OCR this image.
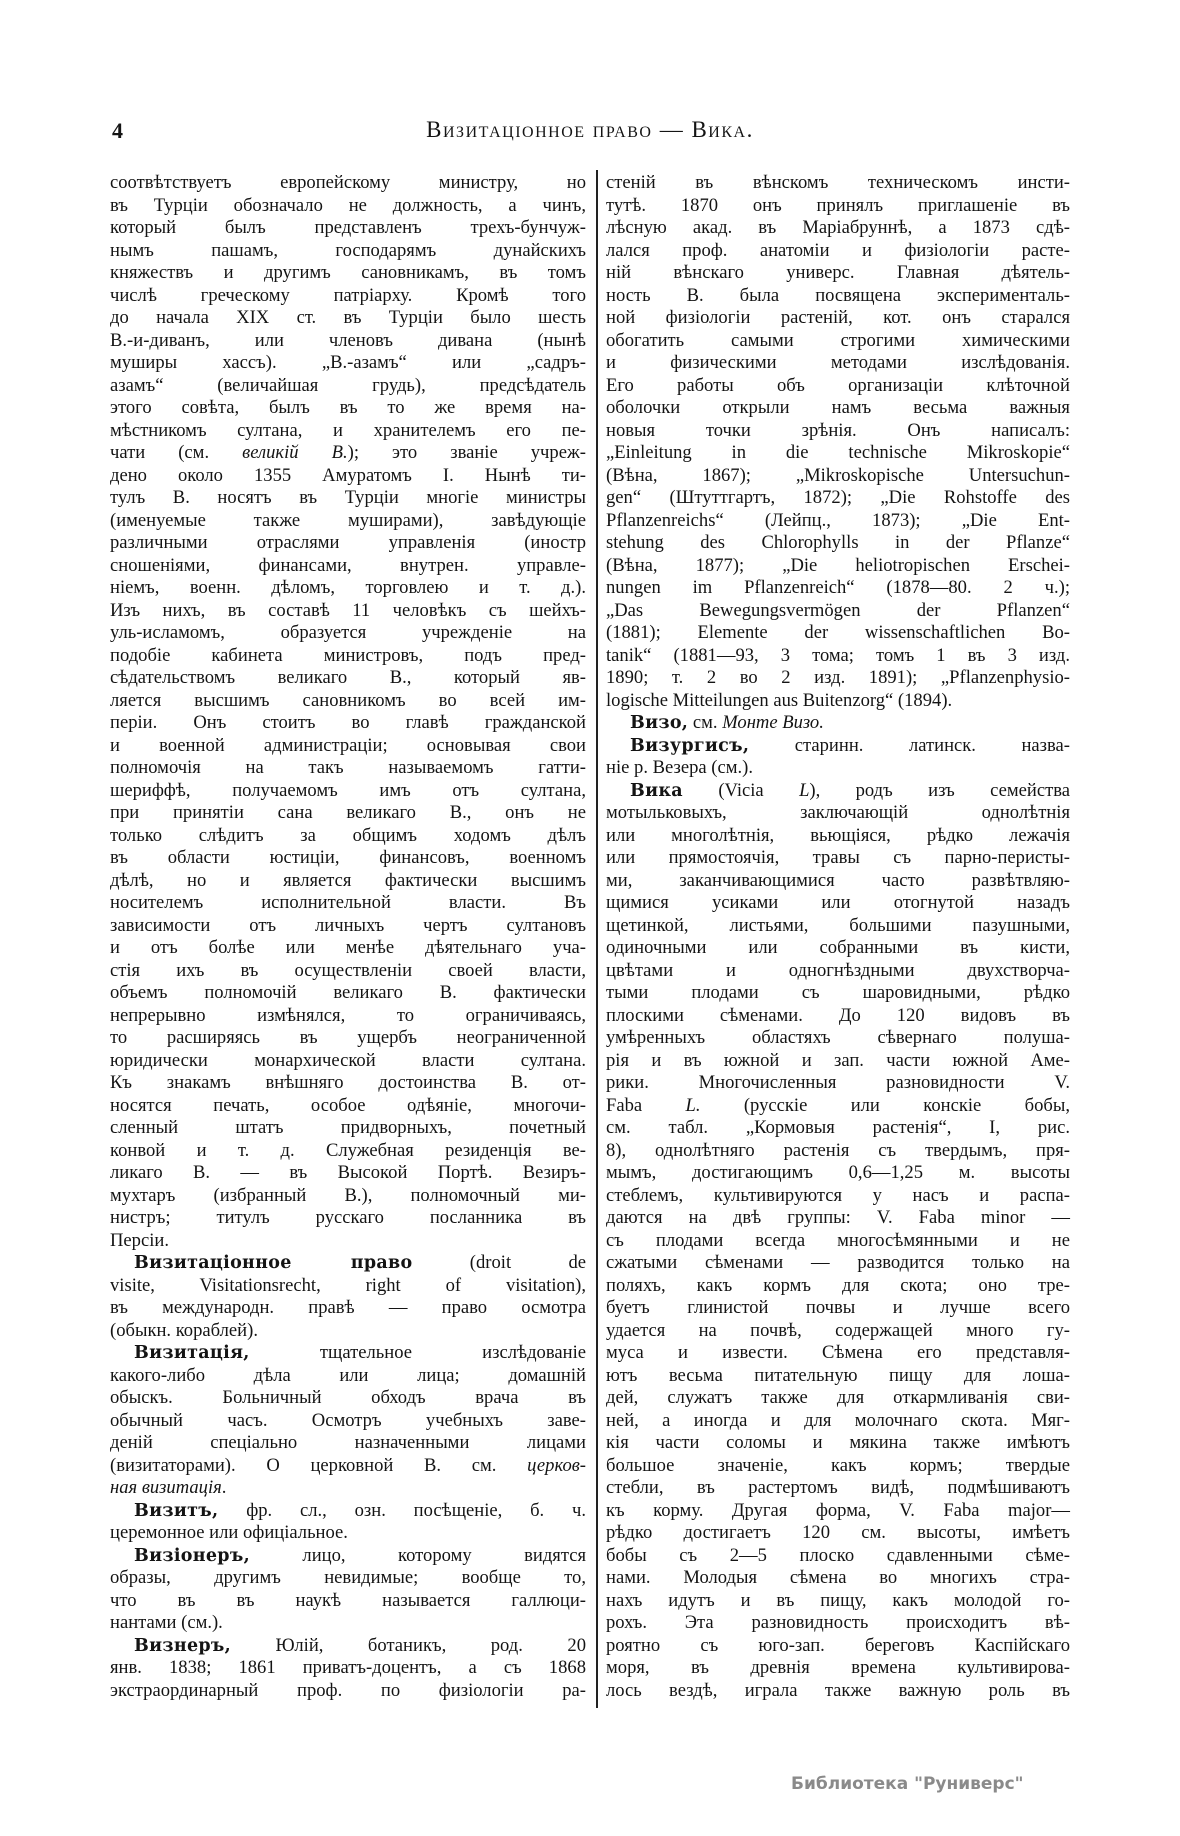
4	Визитаціонное право — Вика.
соотвѣтствуетъ европейскому министру, но
въ Турціи обозначало не должность, а чинъ,
который былъ представленъ трехъ-бунчуж-
нымъ пашамъ, господарямъ дунайскихъ
княжествъ и другимъ сановникамъ, въ томъ
числѣ греческому патріарху. Кромѣ того
до начала XIX ст. въ Турціи было шесть
В.-и-диванъ, или членовъ дивана (нынѣ
муширы хассъ). „В.-азамъ“ или „садръ-
азамъ“ (величайшая грудь), предсѣдатель
этого совѣта, былъ въ то же время на-
мѣстникомъ султана, и хранителемъ его пе-
чати (см. великій В.); это званіе учреж-
дено около 1355 Амуратомъ I. Нынѣ ти-
тулъ В. носятъ въ Турціи многіе министры
(именуемые также муширами), завѣдующіе
различными отраслями управленія (иностр
сношеніями, финансами, внутрен. управле-
ніемъ, военн. дѣломъ, торговлею и т. д.).
Изъ нихъ, въ составѣ 11 человѣкъ съ шейхъ-
уль-исламомъ, образуется учрежденіе на
подобіе кабинета министровъ, подъ пред-
сѣдательствомъ великаго В., который яв-
ляется высшимъ сановникомъ во всей им-
періи. Онъ стоитъ во главѣ гражданской
и военной администраціи; основывая свои
полномочія на такъ называемомъ гатти-
шериффѣ, получаемомъ имъ отъ султана,
при принятіи сана великаго В., онъ не
только слѣдитъ за общимъ ходомъ дѣлъ
въ области юстиціи, финансовъ, военномъ
дѣлѣ, но и является фактически высшимъ
носителемъ исполнительной власти. Въ
зависимости отъ личныхъ чертъ султановъ
и отъ болѣе или менѣе дѣятельнаго уча-
стія ихъ въ осуществленіи своей власти,
объемъ полномочій великаго В. фактически
непрерывно измѣнялся, то ограничиваясь,
то расширяясь въ ущербъ неограниченной
юридически монархической власти султана.
Къ знакамъ внѣшняго достоинства В. от-
носятся печать, особое одѣяніе, многочи-
сленный штатъ придворныхъ, почетный
конвой и т. д. Служебная резиденція ве-
ликаго В. — въ Высокой Портѣ. Везиръ-
мухтаръ (избранный В.), полномочный ми-
нистръ; титулъ русскаго посланника въ
Персіи.
Визитаціонное право (droit de
visite, Visitationsrecht, right of visitation),
въ международн. правѣ — право осмотра
(обыкн. кораблей).
Визитація, тщательное изслѣдованіе
какого-либо дѣла или лица; домашній
обыскъ. Больничный обходъ врача въ
обычный часъ. Осмотръ учебныхъ заве-
деній спеціально назначенными лицами
(визитаторами). О церковной В. см. церков-
ная визитація.
Визитъ, фр. сл., озн. посѣщеніе, б. ч.
церемонное или офиціальное.
Визіонеръ, лицо, которому видятся
образы, другимъ невидимые; вообще то,
что въ въ наукѣ называется галлюци-
нантами (см.).
Визнеръ, Юлій, ботаникъ, род. 20
янв. 1838; 1861 приватъ-доцентъ, а съ 1868
экстраординарный проф. по физіологіи ра-
стеній въ вѣнскомъ техническомъ инсти-
тутѣ. 1870 онъ принялъ приглашеніе въ
лѣсную акад. въ Маріабруннѣ, а 1873 сдѣ-
лался проф. анатоміи и физіологіи расте-
ній вѣнскаго универс. Главная дѣятель-
ность В. была посвящена эксперименталь-
ной физіологіи растеній, кот. онъ старался
обогатить самыми строгими химическими
и физическими методами изслѣдованія.
Его работы объ организаціи клѣточной
оболочки открыли намъ весьма важныя
новыя точки зрѣнія. Онъ написалъ:
„Einleitung in die technische Mikroskopie“
(Вѣна, 1867); „Mikroskopische Untersuchun-
gen“ (Штуттгартъ, 1872); „Die Rohstoffe des
Pflanzenreichs“ (Лейпц., 1873); „Die Ent-
stehung des Chlorophylls in der Pflanze“
(Вѣна, 1877); „Die heliotropischen Erschei-
nungen im Pflanzenreich“ (1878—80. 2 ч.);
„Das Bewegungsvermögen der Pflanzen“
(1881); Elemente der wissenschaftlichen Bo-
tanik“ (1881—93, 3 тома; томъ 1 въ 3 изд.
1890; т. 2 во 2 изд. 1891); „Pflanzenphysio-
logische Mitteilungen aus Buitenzorg“ (1894).
Визо, см. Монте Визо.
Визургисъ, старинн. латинск. назва-
ніе р. Везера (см.).
Вика (Vicia L), родъ изъ семейства
мотыльковыхъ, заключающій однолѣтнія
или многолѣтнія, вьющіяся, рѣдко лежачія
или прямостоячія, травы съ парно-перисты-
ми, заканчивающимися часто развѣтвляю-
щимися усиками или отогнутой назадъ
щетинкой, листьями, большими пазушными,
одиночными или собранными въ кисти,
цвѣтами и одногнѣздными двухстворча-
тыми плодами съ шаровидными, рѣдко
плоскими сѣменами. До 120 видовъ въ
умѣренныхъ областяхъ сѣвернаго полуша-
рія и въ южной и зап. части южной Аме-
рики. Многочисленныя разновидности V.
Faba L. (русскіе или конскіе бобы,
см. табл. „Кормовыя растенія“, I, рис.
8), однолѣтняго растенія съ твердымъ, пря-
мымъ, достигающимъ 0,6—1,25 м. высоты
стеблемъ, культивируются у насъ и распа-
даются на двѣ группы: V. Faba minor —
съ плодами всегда многосѣмянными и не
сжатыми сѣменами — разводится только на
поляхъ, какъ кормъ для скота; оно тре-
буетъ глинистой почвы и лучше всего
удается на почвѣ, содержащей много гу-
муса и извести. Сѣмена его представля-
ютъ весьма питательную пищу для лоша-
дей, служатъ также для откармливанія сви-
ней, а иногда и для молочнаго скота. Мяг-
кія части соломы и мякина также имѣютъ
большое значеніе, какъ кормъ; твердые
стебли, въ растертомъ видѣ, подмѣшиваютъ
къ корму. Другая форма, V. Faba major—
рѣдко достигаетъ 120 см. высоты, имѣетъ
бобы съ 2—5 плоско сдавленными сѣме-
нами. Молодыя сѣмена во многихъ стра-
нахъ идутъ и въ пищу, какъ молодой го-
рохъ. Эта разновидность происходитъ вѣ-
роятно съ юго-зап. береговъ Каспійскаго
моря, въ древнія времена культивирова-
лось вездѣ, играла также важную роль въ
Библиотека "Руниверс"
